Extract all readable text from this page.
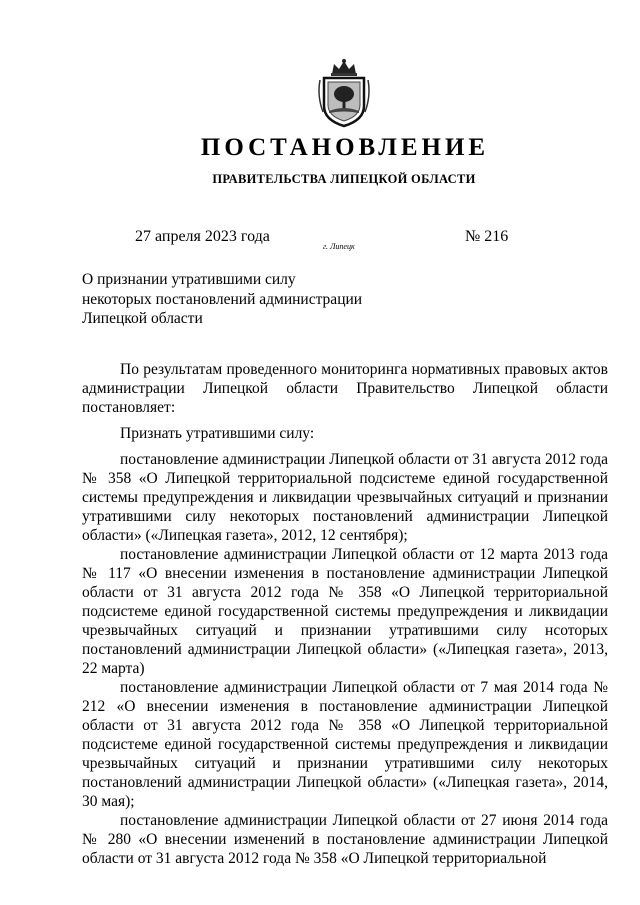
ПОСТАНОВЛЕНИЕ
ПРАВИТЕЛЬСТВА ЛИПЕЦКОЙ ОБЛАСТИ
27 апреля 2023 года
г. Липецк
№ 216
О признании утратившими силу
некоторых постановлений администрации
Липецкой области

По результатам проведенного мониторинга нормативных правовых актов администрации Липецкой области Правительство Липецкой области постановляет:

Признать утратившими силу:

постановление администрации Липецкой области от 31 августа 2012 года № 358 «О Липецкой территориальной подсистеме единой государственной системы предупреждения и ликвидации чрезвычайных ситуаций и признании утратившими силу некоторых постановлений администрации Липецкой области» («Липецкая газета», 2012, 12 сентября);

постановление администрации Липецкой области от 12 марта 2013 года № 117 «О внесении изменения в постановление администрации Липецкой области от 31 августа 2012 года № 358 «О Липецкой территориальной подсистеме единой государственной системы предупреждения и ликвидации чрезвычайных ситуаций и признании утратившими силу нсоторых постановлений администрации Липецкой области» («Липецкая газета», 2013, 22 марта)

постановление администрации Липецкой области от 7 мая 2014 года № 212 «О внесении изменения в постановление администрации Липецкой области от 31 августа 2012 года № 358 «О Липецкой территориальной подсистеме единой государственной системы предупреждения и ликвидации чрезвычайных ситуаций и признании утратившими силу некоторых постановлений администрации Липецкой области» («Липецкая газета», 2014, 30 мая);

постановление администрации Липецкой области от 27 июня 2014 года № 280 «О внесении изменений в постановление администрации Липецкой области от 31 августа 2012 года № 358 «О Липецкой территориальной
